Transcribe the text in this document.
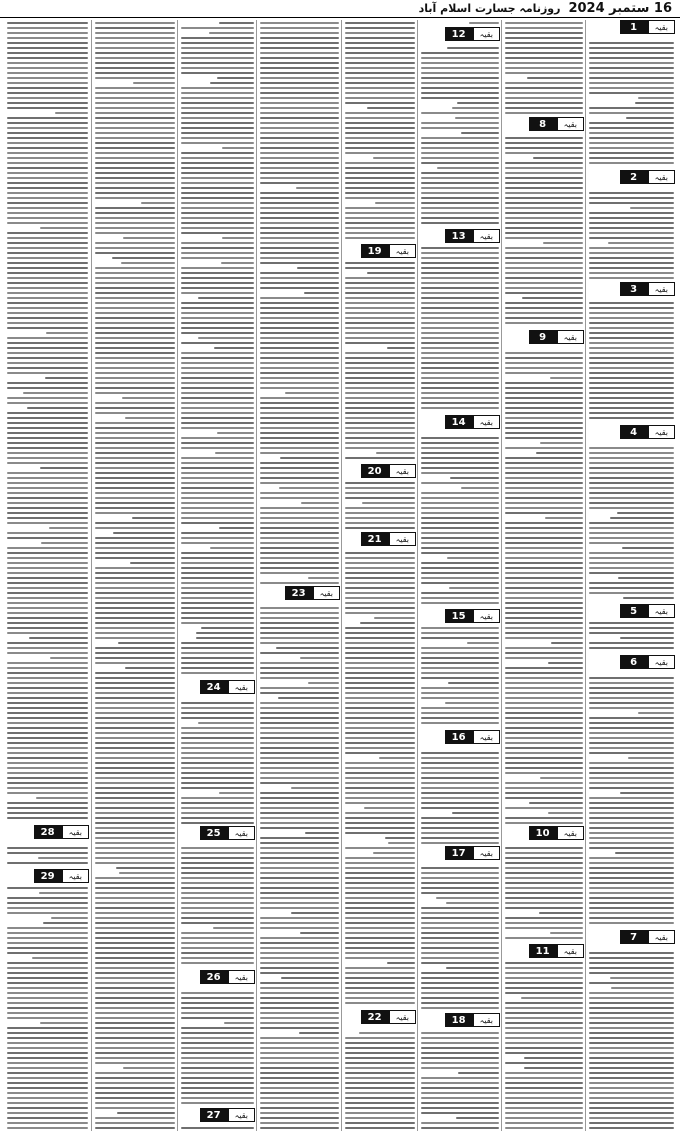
16 ستمبر 2024
روزنامہ جسارت اسلام آباد
بقیہ
1
بقیہ
2
بقیہ
3
بقیہ
4
بقیہ
5
بقیہ
6
بقیہ
7
بقیہ
8
بقیہ
9
بقیہ
10
بقیہ
11
بقیہ
12
بقیہ
13
بقیہ
14
بقیہ
15
بقیہ
16
بقیہ
17
بقیہ
18
بقیہ
19
بقیہ
20
بقیہ
21
بقیہ
22
بقیہ
23
بقیہ
24
بقیہ
25
بقیہ
26
بقیہ
27
بقیہ
28
بقیہ
29
